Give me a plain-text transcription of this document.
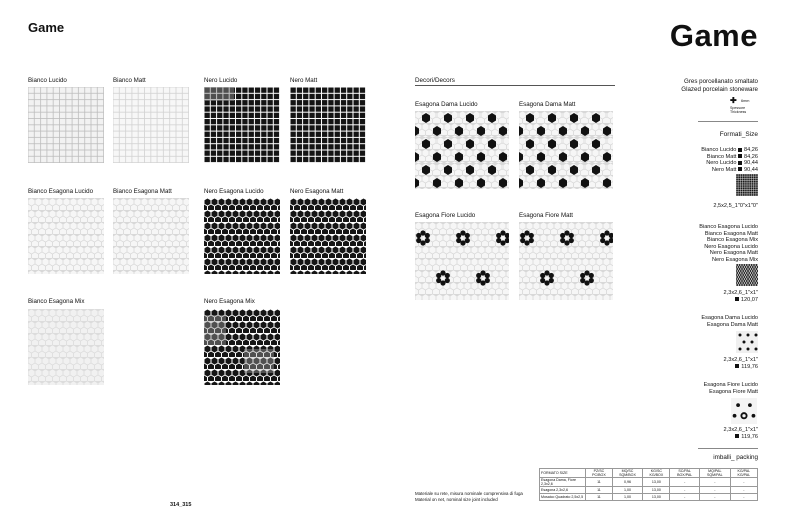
Game	Game
Bianco Lucido	Bianco Matt	Nero Lucido	Nero Matt
Bianco Esagona Lucido	Bianco Esagona Matt	Nero Esagona Lucido	Nero Esagona Matt
Bianco Esagona Mix	Nero Esagona Mix
Decori/Decors
Esagona Dama Lucido	Esagona Dama Matt
Esagona Fiore Lucido	Esagona Fiore Matt
Gres porcellanato smaltato
Glazed porcelain stoneware
✚ 6mm
Spessore
Thickness
Formati_Size
Bianco Lucido 84,26
Bianco Matt 84,26
Nero Lucido 90,44
Nero Matt 90,44
2,5x2,5_1"0"x1"0"
Bianco Esagona Lucido
Bianco Esagona Matt
Bianco Esagona Mix
Nero Esagona Lucido
Nero Esagona Matt
Nero Esagona Mix
2,3x2,6_1"x1"
120,07
Esagona Dama Lucido
Esagona Dama Matt
2,3x2,6_1"x1"
119,76
Esagona Fiore Lucido
Esagona Fiore Matt
2,3x2,6_1"x1"
119,76
imballi_ packing
FORMATO SIZE	PZ/SC PC/BOX	MQ/SC SQM/BOX	KG/SC KG/BOX	SC/PAL BOX/PAL	MQ/PAL SQM/PAL	KG/PAL KG/PAL
Esagona Dama, Fiore 2,3x2,6	11	0,96	13,00	-	-	-
Esagona 2,3x2,6	11	1,00	13,00	-	-	-
Mosaico Quadrato 2,5x2,5	11	1,00	13,00	-	-	-
Materiale su rete, misura nominale comprensiva di fuga
Material on net, nominal size joint included
314_315
